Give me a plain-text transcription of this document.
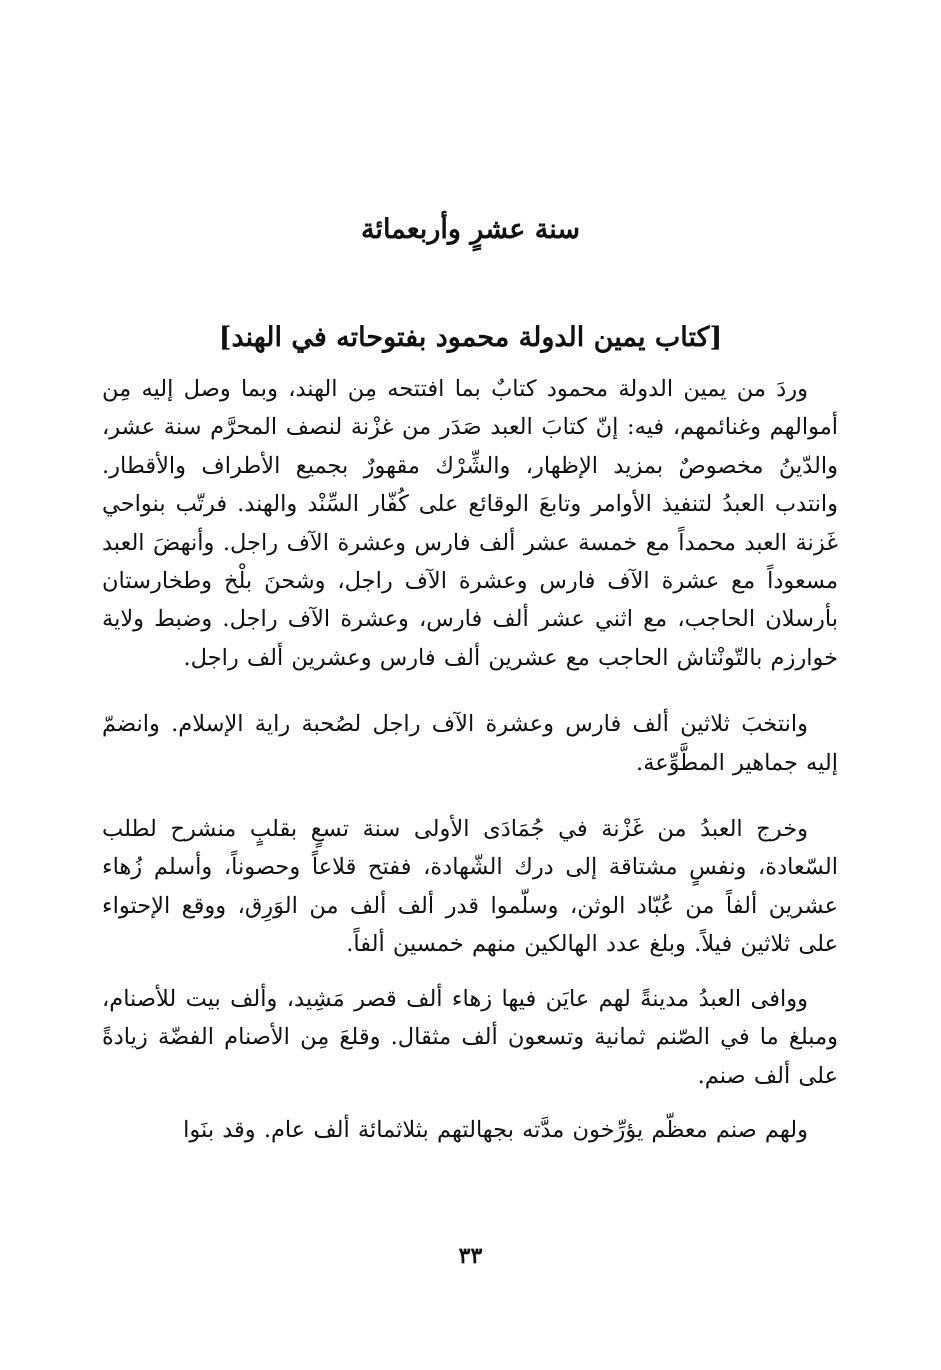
سنة عشرٍ وأربعمائة
[كتاب يمين الدولة محمود بفتوحاته في الهند]

وردَ من يمين الدولة محمود كتابٌ بما افتتحه مِن الهند، وبما وصل إليه مِن أموالهم وغنائمهم، فيه: إنّ كتابَ العبد صَدَر من غزْنة لنصف المحرَّم سنة عشر، والدّينُ مخصوصٌ بمزيد الإظهار، والشِّرْك مقهورٌ بجميع الأطراف والأقطار. وانتدب العبدُ لتنفيذ الأوامر وتابعَ الوقائع على كُفّار السِّنْد والهند. فرتّب بنواحي غَزنة العبد محمداً مع خمسة عشر ألف فارس وعشرة الآف راجل. وأنهضَ العبد مسعوداً مع عشرة الآف فارس وعشرة الآف راجل، وشحنَ بلْخ وطخارستان بأرسلان الحاجب، مع اثني عشر ألف فارس، وعشرة الآف راجل. وضبط ولاية خوارزم بالتّونْتاش الحاجب مع عشرين ألف فارس وعشرين ألف راجل.

وانتخبَ ثلاثين ألف فارس وعشرة الآف راجل لصُحبة راية الإسلام. وانضمّ إليه جماهير المطَّوِّعة.

وخرج العبدُ من غَزْنة في جُمَادَى الأولى سنة تسعٍ بقلبٍ منشرح لطلب السّعادة، ونفسٍ مشتاقة إلى درك الشّهادة، ففتح قلاعاً وحصوناً، وأسلم زُهاء عشرين ألفاً من عُبّاد الوثن، وسلّموا قدر ألف ألف من الوَرِق، ووقع الإحتواء على ثلاثين فيلاً. وبلغ عدد الهالكين منهم خمسين ألفاً.

ووافى العبدُ مدينةً لهم عايَن فيها زهاء ألف قصر مَشِيد، وألف بيت للأصنام، ومبلغ ما في الصّنم ثمانية وتسعون ألف مثقال. وقلعَ مِن الأصنام الفضّة زيادةً على ألف صنم.

ولهم صنم معظّم يؤرِّخون مدَّته بجهالتهم بثلاثمائة ألف عام. وقد بنَوا

٣٣
